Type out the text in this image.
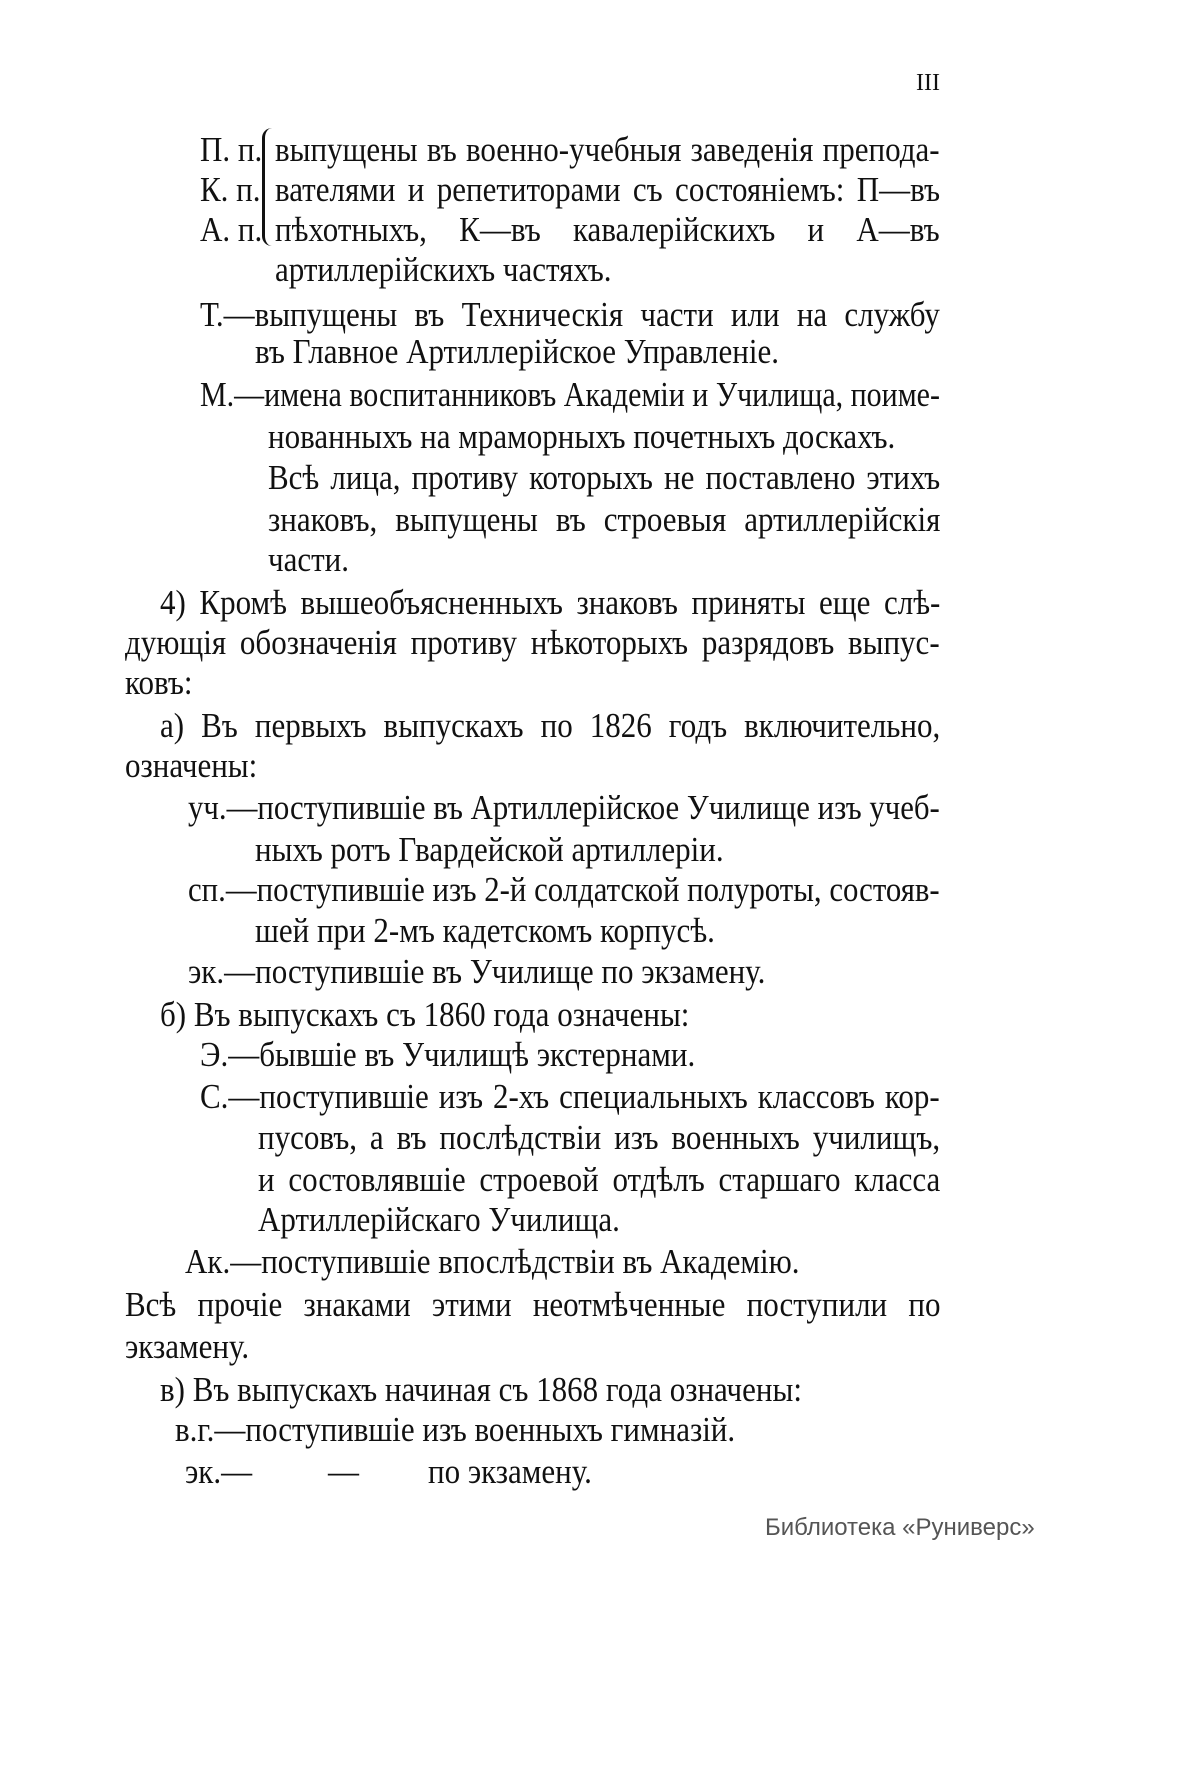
III
П. п.
К. п.
А. п.
выпущены въ военно-учебныя заведенія препода-
вателями и репетиторами съ состояніемъ: П—въ
пѣхотныхъ, К—въ кавалерійскихъ и А—въ
артиллерійскихъ частяхъ.
Т.—выпущены въ Техническія части или на службу
въ Главное Артиллерійское Управленіе.
М.—имена воспитанниковъ Академіи и Училища, поиме-
нованныхъ на мраморныхъ почетныхъ доскахъ.
Всѣ лица, противу которыхъ не поставлено этихъ
знаковъ, выпущены въ строевыя артиллерійскія
части.
4) Кромѣ вышеобъясненныхъ знаковъ приняты еще слѣ-
дующія обозначенія противу нѣкоторыхъ разрядовъ выпус-
ковъ:
а) Въ первыхъ выпускахъ по 1826 годъ включительно,
означены:
уч.—поступившіе въ Артиллерійское Училище изъ учеб-
ныхъ ротъ Гвардейской артиллеріи.
сп.—поступившіе изъ 2-й солдатской полуроты, состояв-
шей при 2-мъ кадетскомъ корпусѣ.
эк.—поступившіе въ Училище по экзамену.
б) Въ выпускахъ съ 1860 года означены:
Э.—бывшіе въ Училищѣ экстернами.
С.—поступившіе изъ 2-хъ специальныхъ классовъ кор-
пусовъ, а въ послѣдствіи изъ военныхъ училищъ,
и состовлявшіе строевой отдѣлъ старшаго класса
Артиллерійскаго Училища.
Ак.—поступившіе впослѣдствіи въ Академію.
Всѣ прочіе знаками этими неотмѣченные поступили по
экзамену.
в) Въ выпускахъ начиная съ 1868 года означены:
в.г.—поступившіе изъ военныхъ гимназій.
эк.— — по экзамену.
Библиотека «Руниверс»
